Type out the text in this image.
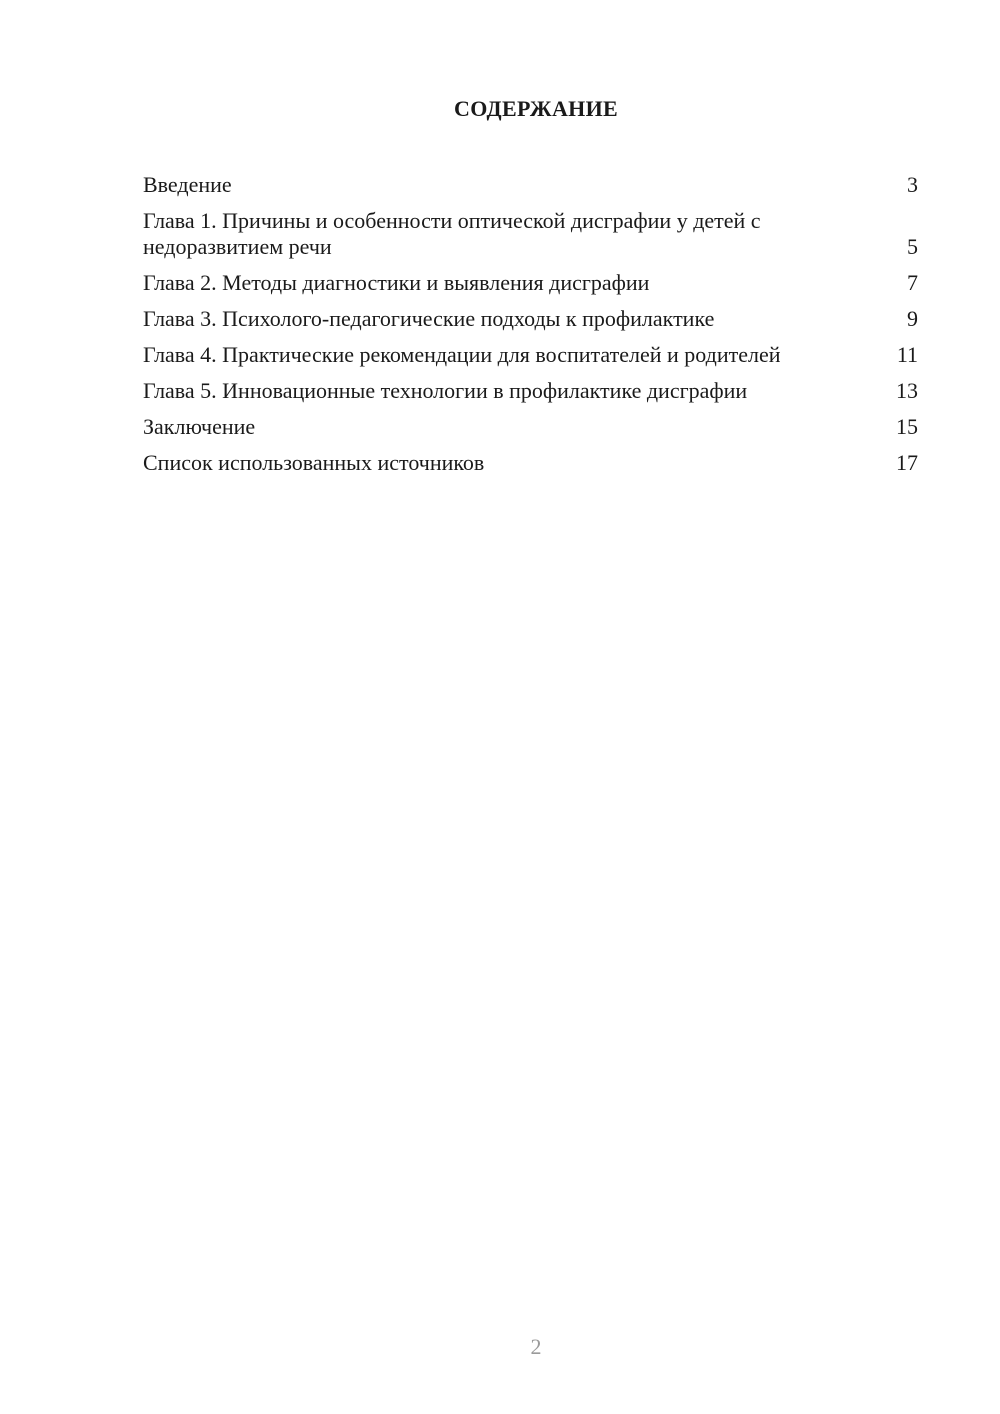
СОДЕРЖАНИЕ
Введение	3
Глава 1. Причины и особенности оптической дисграфии у детей с недоразвитием речи	5
Глава 2. Методы диагностики и выявления дисграфии	7
Глава 3. Психолого-педагогические подходы к профилактике	9
Глава 4. Практические рекомендации для воспитателей и родителей	11
Глава 5. Инновационные технологии в профилактике дисграфии	13
Заключение	15
Список использованных источников	17
2
